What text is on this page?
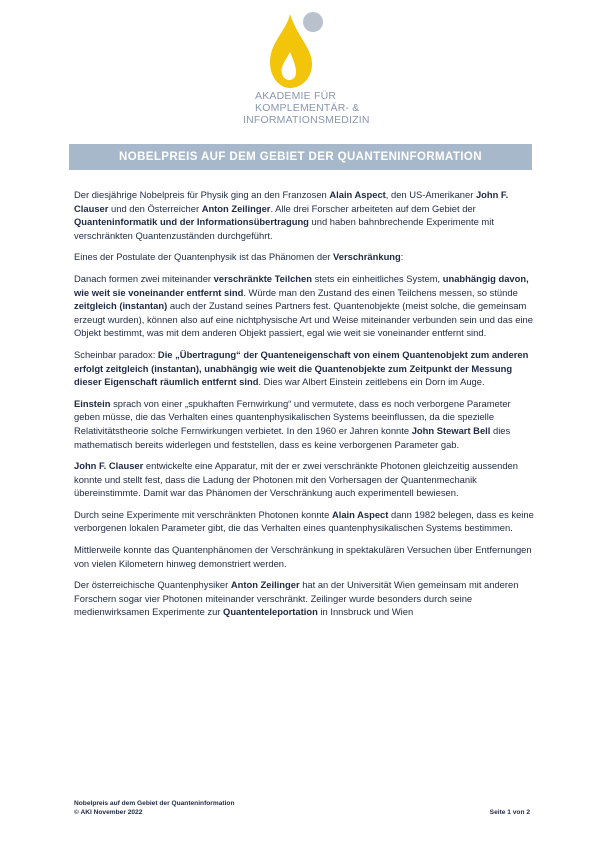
AKADEMIE FÜR
KOMPLEMENTÄR- &
INFORMATIONSMEDIZIN
NOBELPREIS AUF DEM GEBIET DER QUANTENINFORMATION

Der diesjährige Nobelpreis für Physik ging an den Franzosen Alain Aspect, den US-Amerikaner John F. Clauser und den Österreicher Anton Zeilinger. Alle drei Forscher arbeiteten auf dem Gebiet der Quanteninformatik und der Informationsübertragung und haben bahnbrechende Experimente mit verschränkten Quantenzuständen durchgeführt.

Eines der Postulate der Quantenphysik ist das Phänomen der Verschränkung:

Danach formen zwei miteinander verschränkte Teilchen stets ein einheitliches System, unabhängig davon, wie weit sie voneinander entfernt sind. Würde man den Zustand des einen Teilchens messen, so stünde zeitgleich (instantan) auch der Zustand seines Partners fest. Quantenobjekte (meist solche, die gemeinsam erzeugt wurden), können also auf eine nichtphysische Art und Weise miteinander verbunden sein und das eine Objekt bestimmt, was mit dem anderen Objekt passiert, egal wie weit sie voneinander entfernt sind.

Scheinbar paradox: Die „Übertragung“ der Quanteneigenschaft von einem Quantenobjekt zum anderen erfolgt zeitgleich (instantan), unabhängig wie weit die Quantenobjekte zum Zeitpunkt der Messung dieser Eigenschaft räumlich entfernt sind. Dies war Albert Einstein zeitlebens ein Dorn im Auge.

Einstein sprach von einer „spukhaften Fernwirkung“ und vermutete, dass es noch verborgene Parameter geben müsse, die das Verhalten eines quantenphysikalischen Systems beeinflussen, da die spezielle Relativitätstheorie solche Fernwirkungen verbietet. In den 1960 er Jahren konnte John Stewart Bell dies mathematisch bereits widerlegen und feststellen, dass es keine verborgenen Parameter gab.

John F. Clauser entwickelte eine Apparatur, mit der er zwei verschränkte Photonen gleichzeitig aussenden konnte und stellt fest, dass die Ladung der Photonen mit den Vorhersagen der Quantenmechanik übereinstimmte. Damit war das Phänomen der Verschränkung auch experimentell bewiesen.

Durch seine Experimente mit verschränkten Photonen konnte Alain Aspect dann 1982 belegen, dass es keine verborgenen lokalen Parameter gibt, die das Verhalten eines quantenphysikalischen Systems bestimmen.

Mittlerweile konnte das Quantenphänomen der Verschränkung in spektakulären Versuchen über Entfernungen von vielen Kilometern hinweg demonstriert werden.

Der österreichische Quantenphysiker Anton Zeilinger hat an der Universität Wien gemeinsam mit anderen Forschern sogar vier Photonen miteinander verschränkt. Zeilinger wurde besonders durch seine medienwirksamen Experimente zur Quantenteleportation in Innsbruck und Wien

Nobelpreis auf dem Gebiet der Quanteninformation
© AKI November 2022	Seite 1 von 2
